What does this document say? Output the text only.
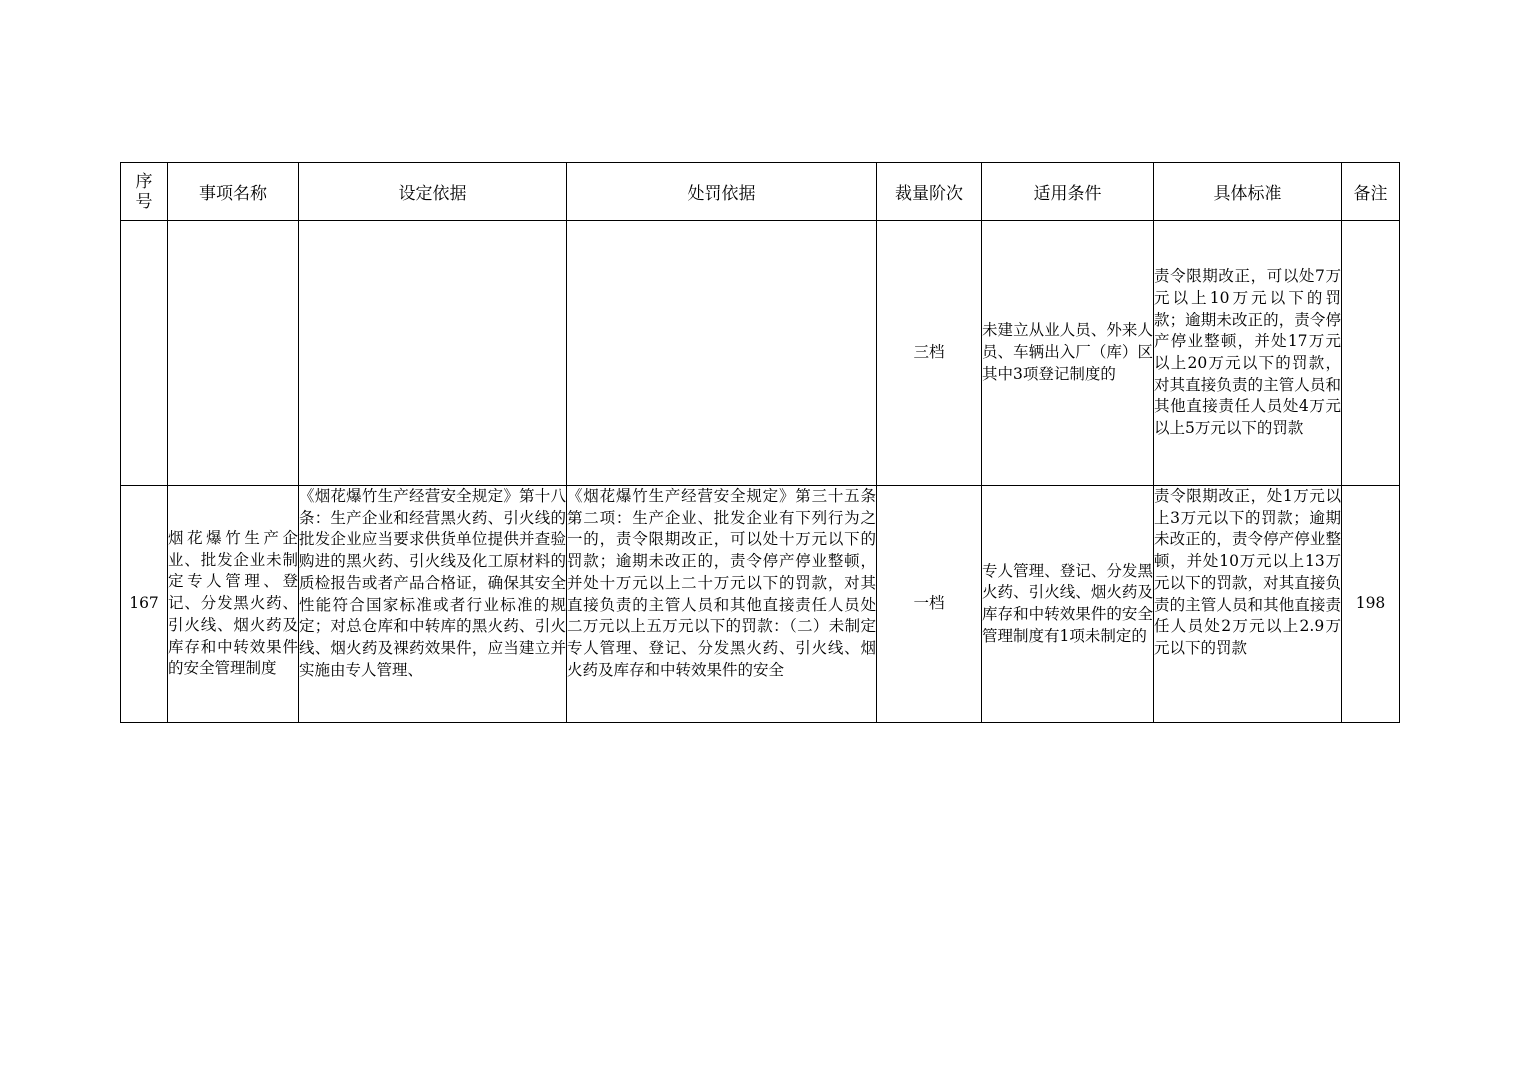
序号	事项名称	设定依据	处罚依据	裁量阶次	适用条件	具体标准	备注
				三档	未建立从业人员、外来人员、车辆出入厂（库）区其中3项登记制度的	责令限期改正，可以处7万元以上10万元以下的罚款；逾期未改正的，责令停产停业整顿，并处17万元以上20万元以下的罚款，对其直接负责的主管人员和其他直接责任人员处4万元以上5万元以下的罚款	
167	烟花爆竹生产企业、批发企业未制定专人管理、登记、分发黑火药、引火线、烟火药及库存和中转效果件的安全管理制度	《烟花爆竹生产经营安全规定》第十八条：生产企业和经营黑火药、引火线的批发企业应当要求供货单位提供并查验购进的黑火药、引火线及化工原材料的质检报告或者产品合格证，确保其安全性能符合国家标准或者行业标准的规定；对总仓库和中转库的黑火药、引火线、烟火药及裸药效果件，应当建立并实施由专人管理、	《烟花爆竹生产经营安全规定》第三十五条第二项：生产企业、批发企业有下列行为之一的，责令限期改正，可以处十万元以下的罚款；逾期未改正的，责令停产停业整顿，并处十万元以上二十万元以下的罚款，对其直接负责的主管人员和其他直接责任人员处二万元以上五万元以下的罚款：（二）未制定专人管理、登记、分发黑火药、引火线、烟火药及库存和中转效果件的安全	一档	专人管理、登记、分发黑火药、引火线、烟火药及库存和中转效果件的安全管理制度有1项未制定的	责令限期改正，处1万元以上3万元以下的罚款；逾期未改正的，责令停产停业整顿，并处10万元以上13万元以下的罚款，对其直接负责的主管人员和其他直接责任人员处2万元以上2.9万元以下的罚款	198
